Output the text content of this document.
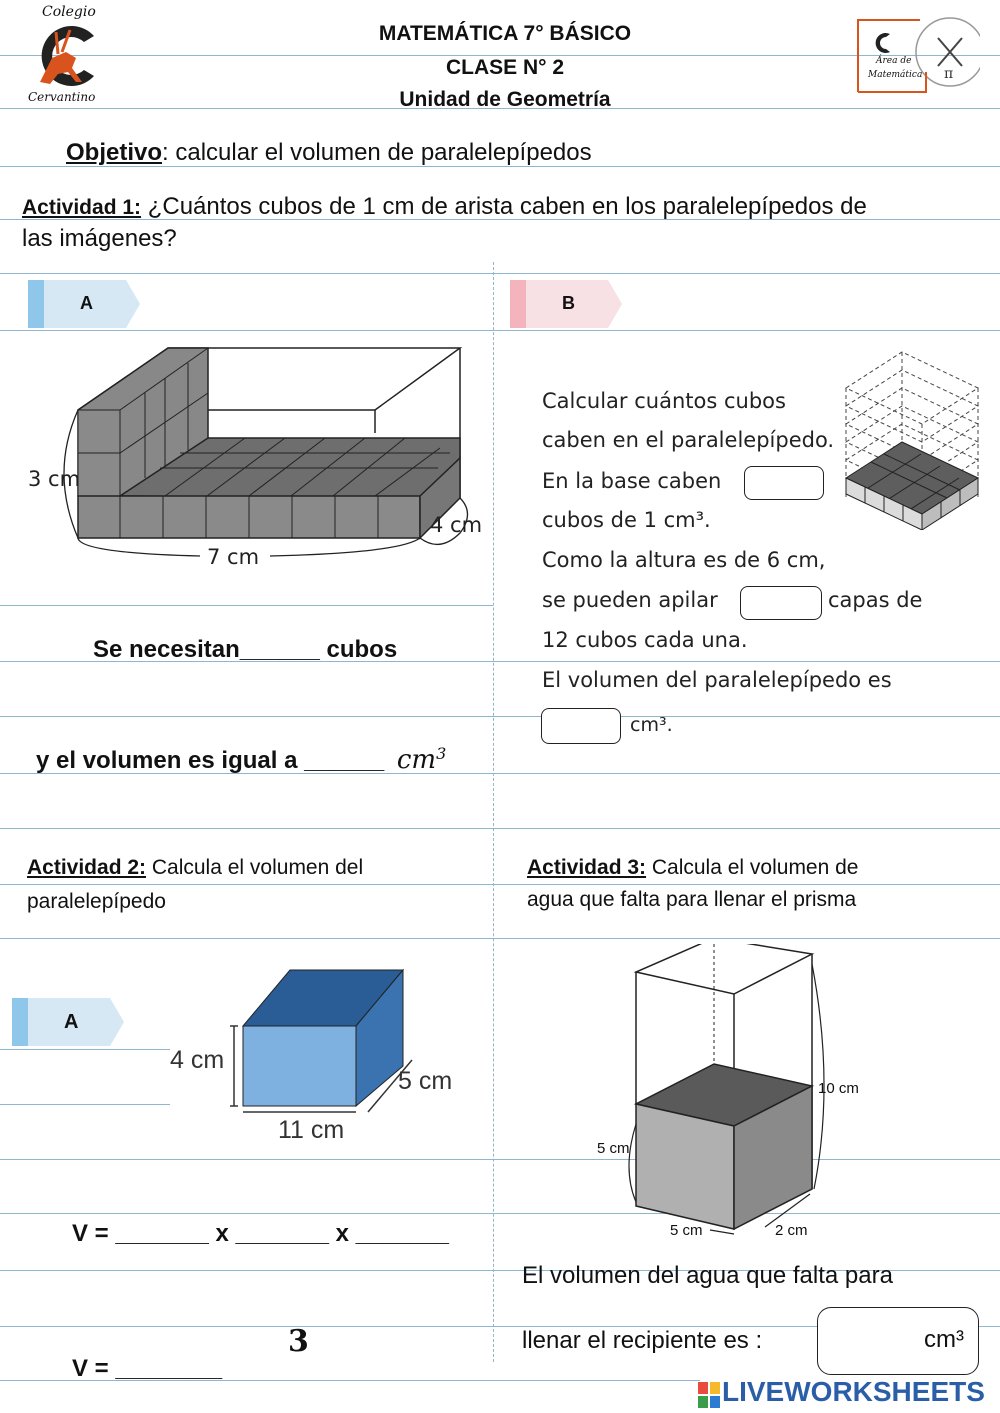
Colegio
Cervantino
MATEMÁTICA 7° BÁSICO
CLASE N° 2
Unidad de Geometría
π
Área de
Matemática
Objetivo: calcular el volumen de paralelepípedos
Actividad 1: ¿Cuántos cubos de 1 cm de arista caben en los paralelepípedos de
las imágenes?
A	B
3 cm
7 cm
4 cm
Se necesitan______ cubos
y el volumen es igual a ______ $cm^3$
Calcular cuántos cubos
caben en el paralelepípedo.
En la base caben
cubos de 1 cm³.
Como la altura es de 6 cm,
se pueden apilar	capas de
12 cubos cada una.
El volumen del paralelepípedo es
cm³.
Actividad 2: Calcula el volumen del
paralelepípedo
Actividad 3: Calcula el volumen de
agua que falta para llenar el prisma
A
4 cm
5 cm
11 cm
V = _______ x _______ x _______
3
V = ________
10 cm
5 cm
5 cm	2 cm
El volumen del agua que falta para
llenar el recipiente es :	cm³
LIVEWORKSHEETS
